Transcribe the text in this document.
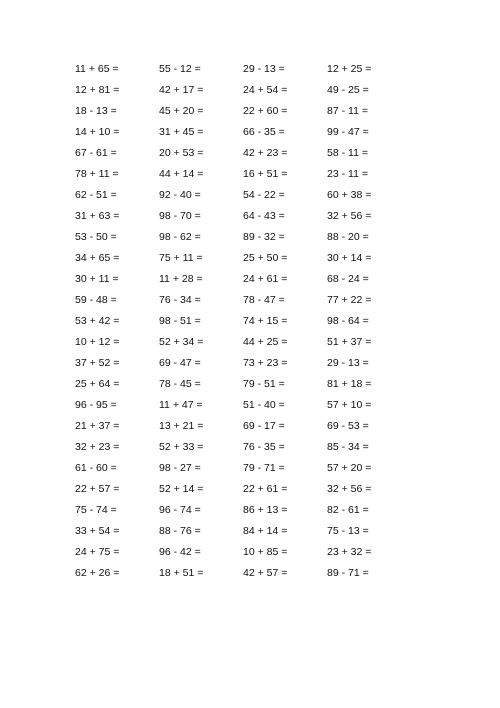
11 + 65 =	55 - 12 =	29 - 13 =	12 + 25 =
12 + 81 =	42 + 17 =	24 + 54 =	49 - 25 =
18 - 13 =	45 + 20 =	22 + 60 =	87 - 11 =
14 + 10 =	31 + 45 =	66 - 35 =	99 - 47 =
67 - 61 =	20 + 53 =	42 + 23 =	58 - 11 =
78 + 11 =	44 + 14 =	16 + 51 =	23 - 11 =
62 - 51 =	92 - 40 =	54 - 22 =	60 + 38 =
31 + 63 =	98 - 70 =	64 - 43 =	32 + 56 =
53 - 50 =	98 - 62 =	89 - 32 =	88 - 20 =
34 + 65 =	75 + 11 =	25 + 50 =	30 + 14 =
30 + 11 =	11 + 28 =	24 + 61 =	68 - 24 =
59 - 48 =	76 - 34 =	78 - 47 =	77 + 22 =
53 + 42 =	98 - 51 =	74 + 15 =	98 - 64 =
10 + 12 =	52 + 34 =	44 + 25 =	51 + 37 =
37 + 52 =	69 - 47 =	73 + 23 =	29 - 13 =
25 + 64 =	78 - 45 =	79 - 51 =	81 + 18 =
96 - 95 =	11 + 47 =	51 - 40 =	57 + 10 =
21 + 37 =	13 + 21 =	69 - 17 =	69 - 53 =
32 + 23 =	52 + 33 =	76 - 35 =	85 - 34 =
61 - 60 =	98 - 27 =	79 - 71 =	57 + 20 =
22 + 57 =	52 + 14 =	22 + 61 =	32 + 56 =
75 - 74 =	96 - 74 =	86 + 13 =	82 - 61 =
33 + 54 =	88 - 76 =	84 + 14 =	75 - 13 =
24 + 75 =	96 - 42 =	10 + 85 =	23 + 32 =
62 + 26 =	18 + 51 =	42 + 57 =	89 - 71 =
